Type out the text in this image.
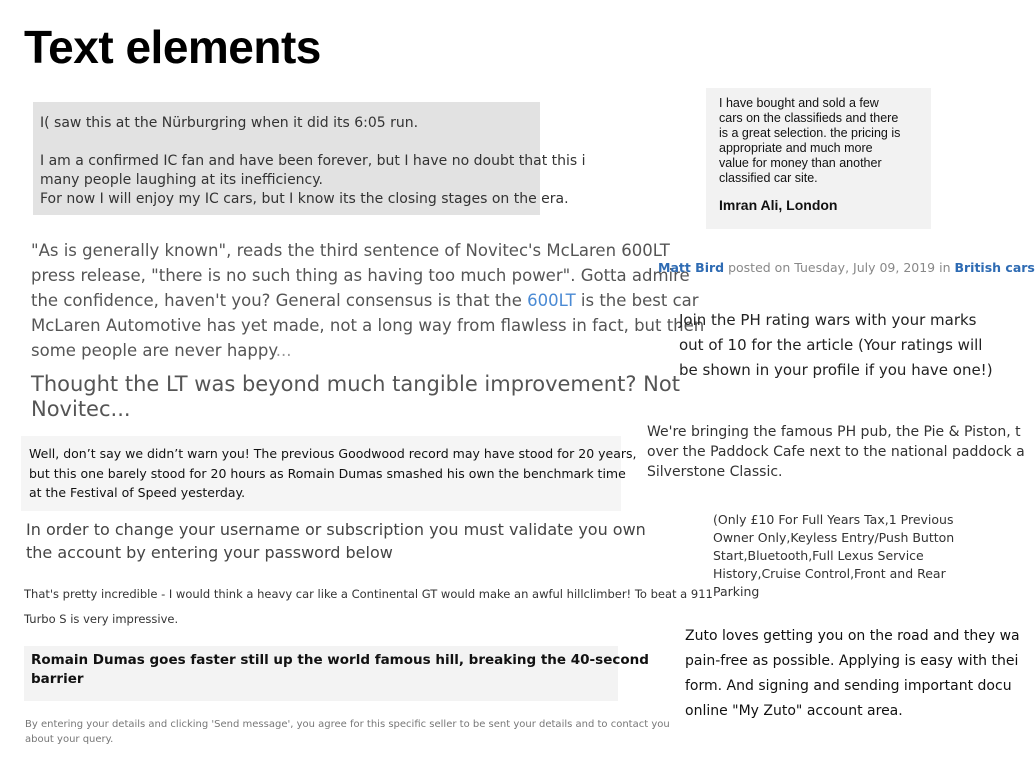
Text elements
I( saw this at the Nürburgring when it did its 6:05 run.
I am a confirmed IC fan and have been forever, but I have no doubt that this i
many people laughing at its inefficiency.
For now I will enjoy my IC cars, but I know its the closing stages on the era.
"As is generally known", reads the third sentence of Novitec's McLaren 600LT
press release, "there is no such thing as having too much power". Gotta admire
the confidence, haven't you? General consensus is that the 600LT is the best car
McLaren Automotive has yet made, not a long way from flawless in fact, but then
some people are never happy...
Thought the LT was beyond much tangible improvement? Not
Novitec...
Well, don’t say we didn’t warn you! The previous Goodwood record may have stood for 20 years,
but this one barely stood for 20 hours as Romain Dumas smashed his own the benchmark time
at the Festival of Speed yesterday.
In order to change your username or subscription you must validate you own
the account by entering your password below
That's pretty incredible - I would think a heavy car like a Continental GT would make an awful hillclimber! To beat a 911
Turbo S is very impressive.
Romain Dumas goes faster still up the world famous hill, breaking the 40-second
barrier
By entering your details and clicking 'Send message', you agree for this specific seller to be sent your details and to contact you
about your query.
I have bought and sold a few
cars on the classifieds and there
is a great selection. the pricing is
appropriate and much more
value for money than another
classified car site.
Imran Ali, London
Matt Bird posted on Tuesday, July 09, 2019 in British cars
Join the PH rating wars with your marks
out of 10 for the article (Your ratings will
be shown in your profile if you have one!)
We're bringing the famous PH pub, the Pie & Piston, t
over the Paddock Cafe next to the national paddock a
Silverstone Classic.
(Only £10 For Full Years Tax,1 Previous
Owner Only,Keyless Entry/Push Button
Start,Bluetooth,Full Lexus Service
History,Cruise Control,Front and Rear
Parking
Zuto loves getting you on the road and they wa
pain-free as possible. Applying is easy with thei
form. And signing and sending important docu
online "My Zuto" account area.
